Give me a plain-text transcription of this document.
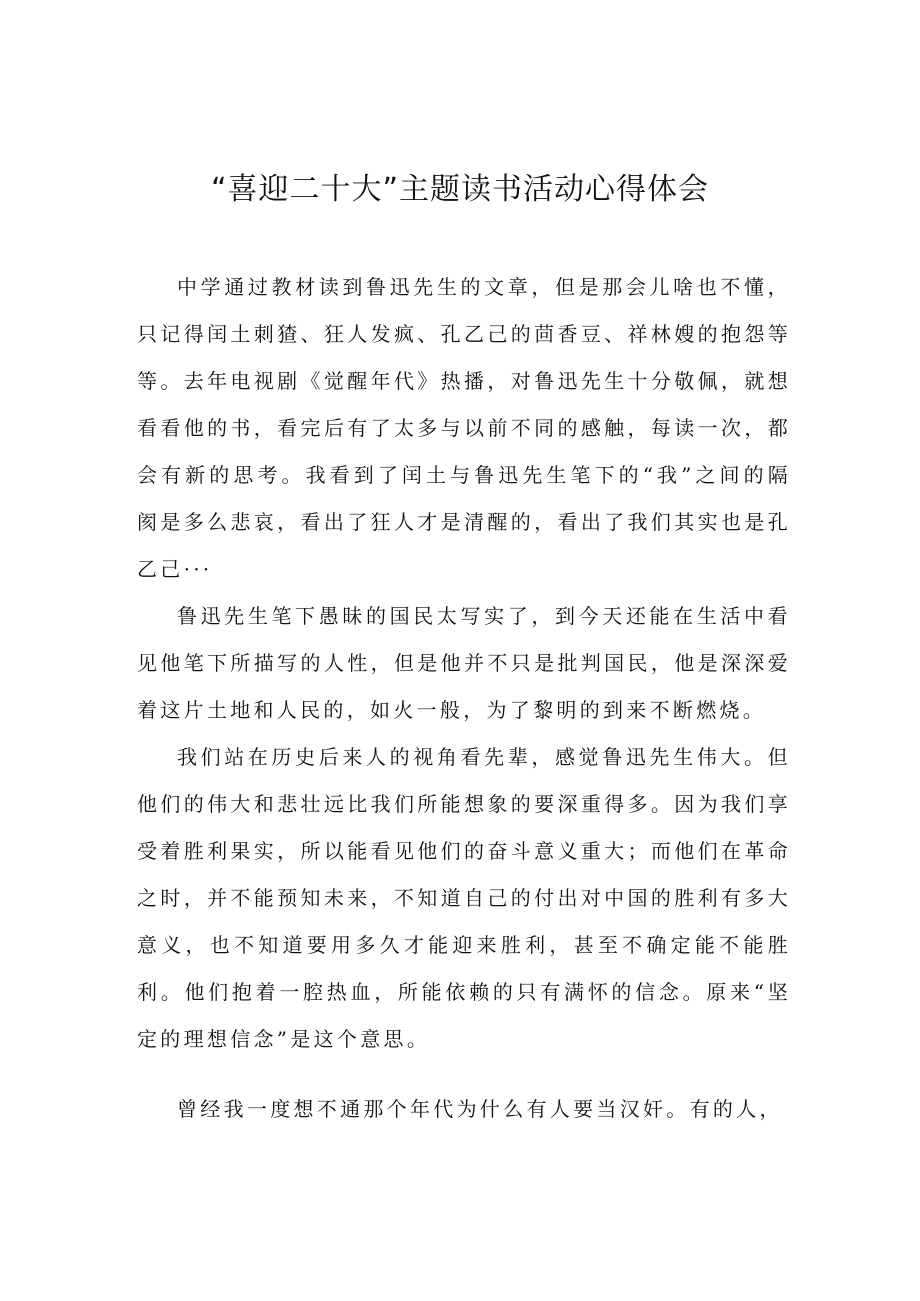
“喜迎二十大”主题读书活动心得体会

中学通过教材读到鲁迅先生的文章，但是那会儿啥也不懂，只记得闰土刺猹、狂人发疯、孔乙己的茴香豆、祥林嫂的抱怨等等。去年电视剧《觉醒年代》热播，对鲁迅先生十分敬佩，就想看看他的书，看完后有了太多与以前不同的感触，每读一次，都会有新的思考。我看到了闰土与鲁迅先生笔下的“我”之间的隔阂是多么悲哀，看出了狂人才是清醒的，看出了我们其实也是孔乙己···

鲁迅先生笔下愚昧的国民太写实了，到今天还能在生活中看见他笔下所描写的人性，但是他并不只是批判国民，他是深深爱着这片土地和人民的，如火一般，为了黎明的到来不断燃烧。

我们站在历史后来人的视角看先辈，感觉鲁迅先生伟大。但他们的伟大和悲壮远比我们所能想象的要深重得多。因为我们享受着胜利果实，所以能看见他们的奋斗意义重大；而他们在革命之时，并不能预知未来，不知道自己的付出对中国的胜利有多大意义，也不知道要用多久才能迎来胜利，甚至不确定能不能胜利。他们抱着一腔热血，所能依赖的只有满怀的信念。原来“坚定的理想信念”是这个意思。

曾经我一度想不通那个年代为什么有人要当汉奸。有的人，
